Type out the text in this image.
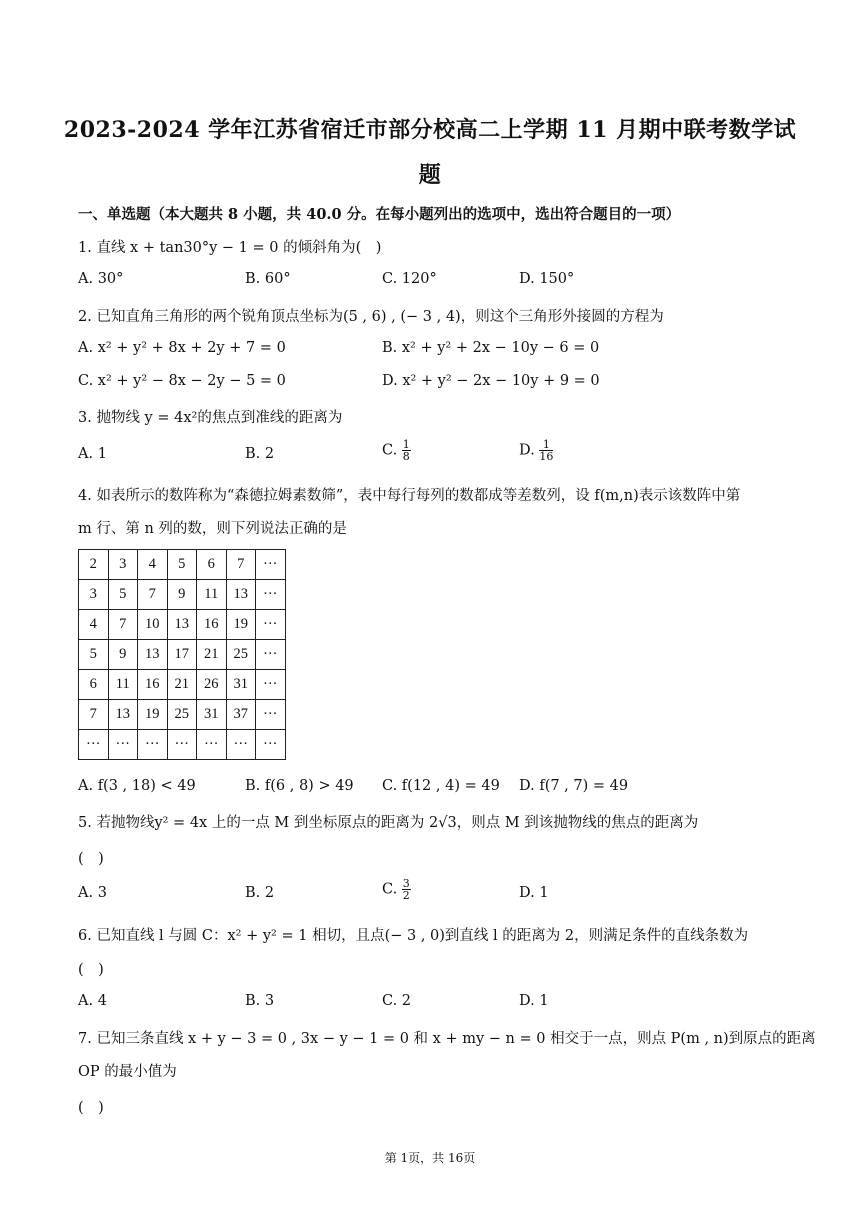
2023-2024 学年江苏省宿迁市部分校高二上学期 11 月期中联考数学试
题
一、单选题（本大题共 8 小题，共 40.0 分。在每小题列出的选项中，选出符合题目的一项）
1. 直线 x + tan30°y − 1 = 0 的倾斜角为(　)
A. 30°	B. 60°	C. 120°	D. 150°
2. 已知直角三角形的两个锐角顶点坐标为(5 , 6) , (− 3 , 4)，则这个三角形外接圆的方程为
A. x² + y² + 8x + 2y + 7 = 0	B. x² + y² + 2x − 10y − 6 = 0
C. x² + y² − 8x − 2y − 5 = 0	D. x² + y² − 2x − 10y + 9 = 0
3. 抛物线 y = 4x²的焦点到准线的距离为
A. 1	B. 2	C. $\frac{1}{8}$	D. $\frac{1}{16}$
4. 如表所示的数阵称为“森德拉姆素数筛”，表中每行每列的数都成等差数列，设 f(m,n)表示该数阵中第
m 行、第 n 列的数，则下列说法正确的是
2	3	4	5	6	7	···
3	5	7	9	11	13	···
4	7	10	13	16	19	···
5	9	13	17	21	25	···
6	11	16	21	26	31	···
7	13	19	25	31	37	···
···	···	···	···	···	···	···
A. f(3 , 18) < 49	B. f(6 , 8) > 49 C. f(12 , 4) = 49 D. f(7 , 7) = 49
5. 若抛物线y² = 4x 上的一点 M 到坐标原点的距离为 2√3，则点 M 到该抛物线的焦点的距离为
(　)
A. 3	B. 2	C. $\frac{3}{2}$	D. 1
6. 已知直线 l 与圆 C：x² + y² = 1 相切，且点(− 3 , 0)到直线 l 的距离为 2，则满足条件的直线条数为
(　)
A. 4	B. 3	C. 2	D. 1
7. 已知三条直线 x + y − 3 = 0 , 3x − y − 1 = 0 和 x + my − n = 0 相交于一点，则点 P(m , n)到原点的距离
OP 的最小值为
(　)
第 1页，共 16页
